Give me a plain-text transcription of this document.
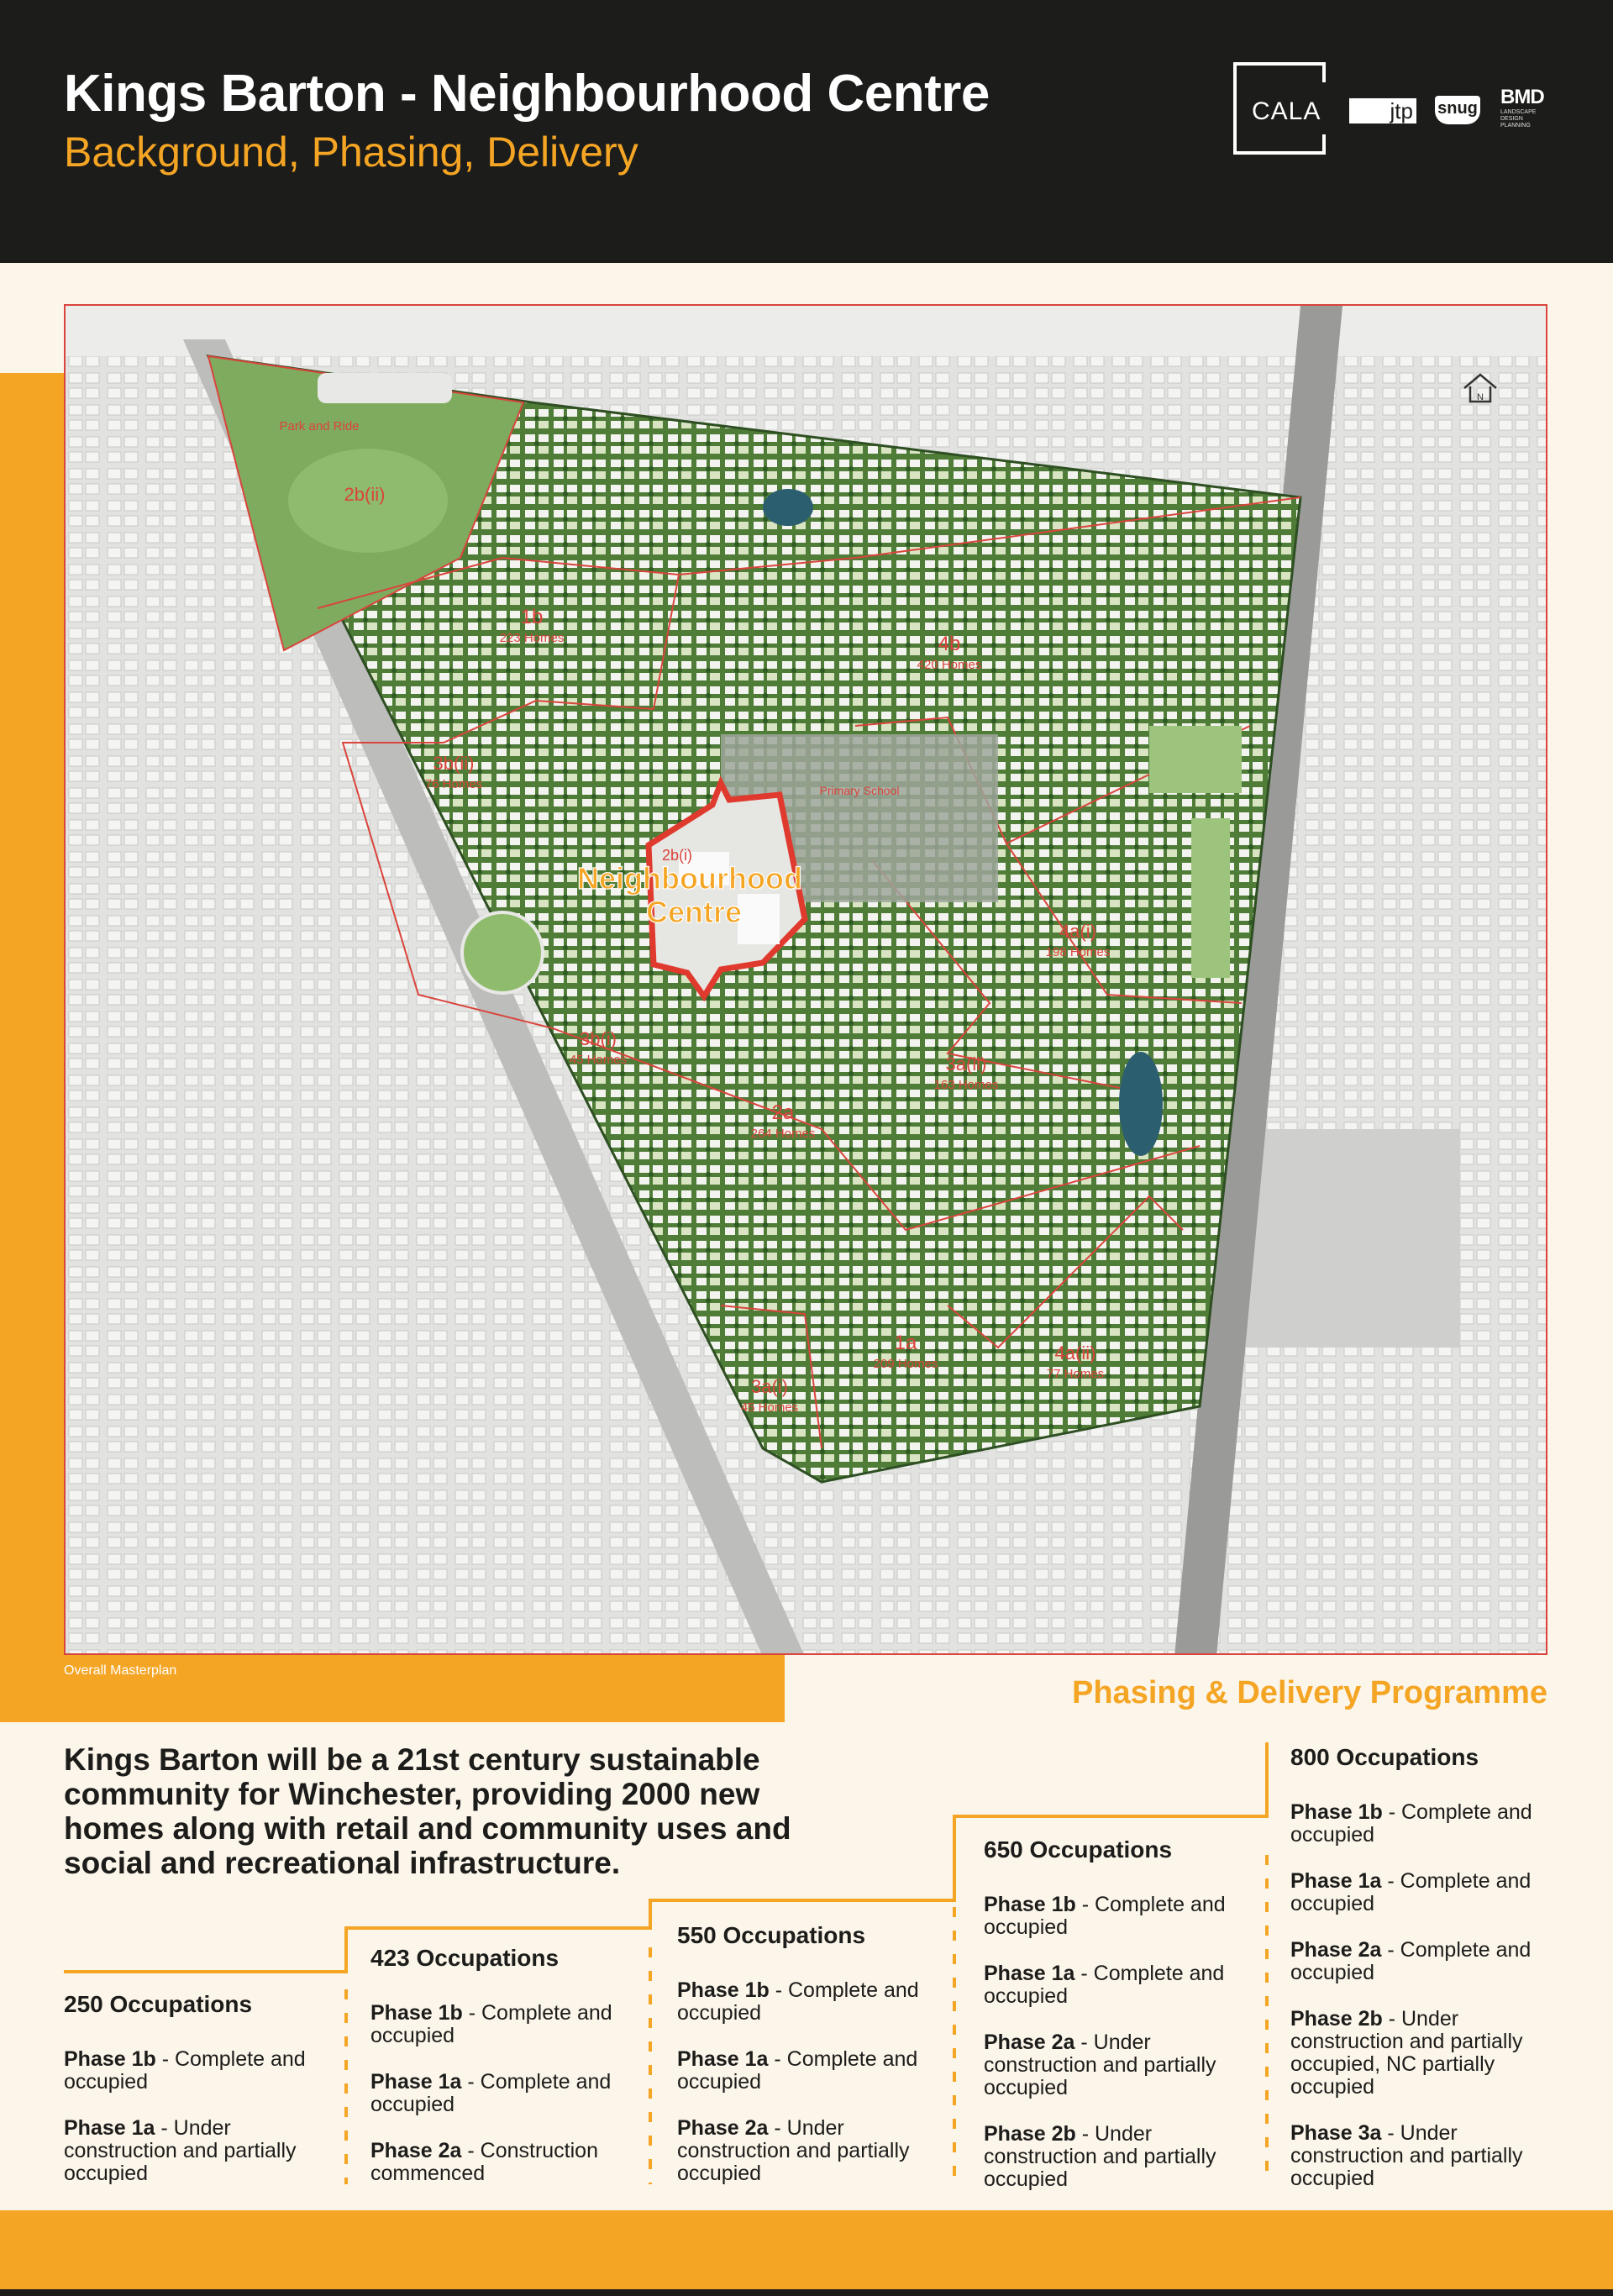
Kings Barton - Neighbourhood Centre
Background, Phasing, Delivery
CALA	jtp snug BMD
LANDSCAPE DESIGN PLANNING
Overall Masterplan
Park and Ride
2b(ii)
1b
223 Homes
3b(ii)
76 Homes
4b
420 Homes
Primary School
2b(i)
4a(i)
198 Homes
3b(i)
45 Homes	3a(ii)
163 Homes
2a
264 Homes
1a
209 Homes
3a(i)
45 Homes
4a(ii)
77 Homes
Neighbourhood Centre
N
Phasing & Delivery Programme
Kings Barton will be a 21st century sustainable community for Winchester, providing 2000 new homes along with retail and community uses and social and recreational infrastructure.
250 Occupations
Phase 1b - Complete and occupied
Phase 1a - Under construction and partially occupied
423 Occupations
Phase 1b - Complete and occupied
Phase 1a - Complete and occupied
Phase 2a - Construction commenced
550 Occupations
Phase 1b - Complete and occupied
Phase 1a - Complete and occupied
Phase 2a - Under construction and partially occupied
650 Occupations
Phase 1b - Complete and occupied
Phase 1a - Complete and occupied
Phase 2a - Under construction and partially occupied
Phase 2b - Under construction and partially occupied
800 Occupations
Phase 1b - Complete and occupied
Phase 1a - Complete and occupied
Phase 2a - Complete and occupied
Phase 2b - Under construction and partially occupied, NC partially occupied
Phase 3a - Under construction and partially occupied
